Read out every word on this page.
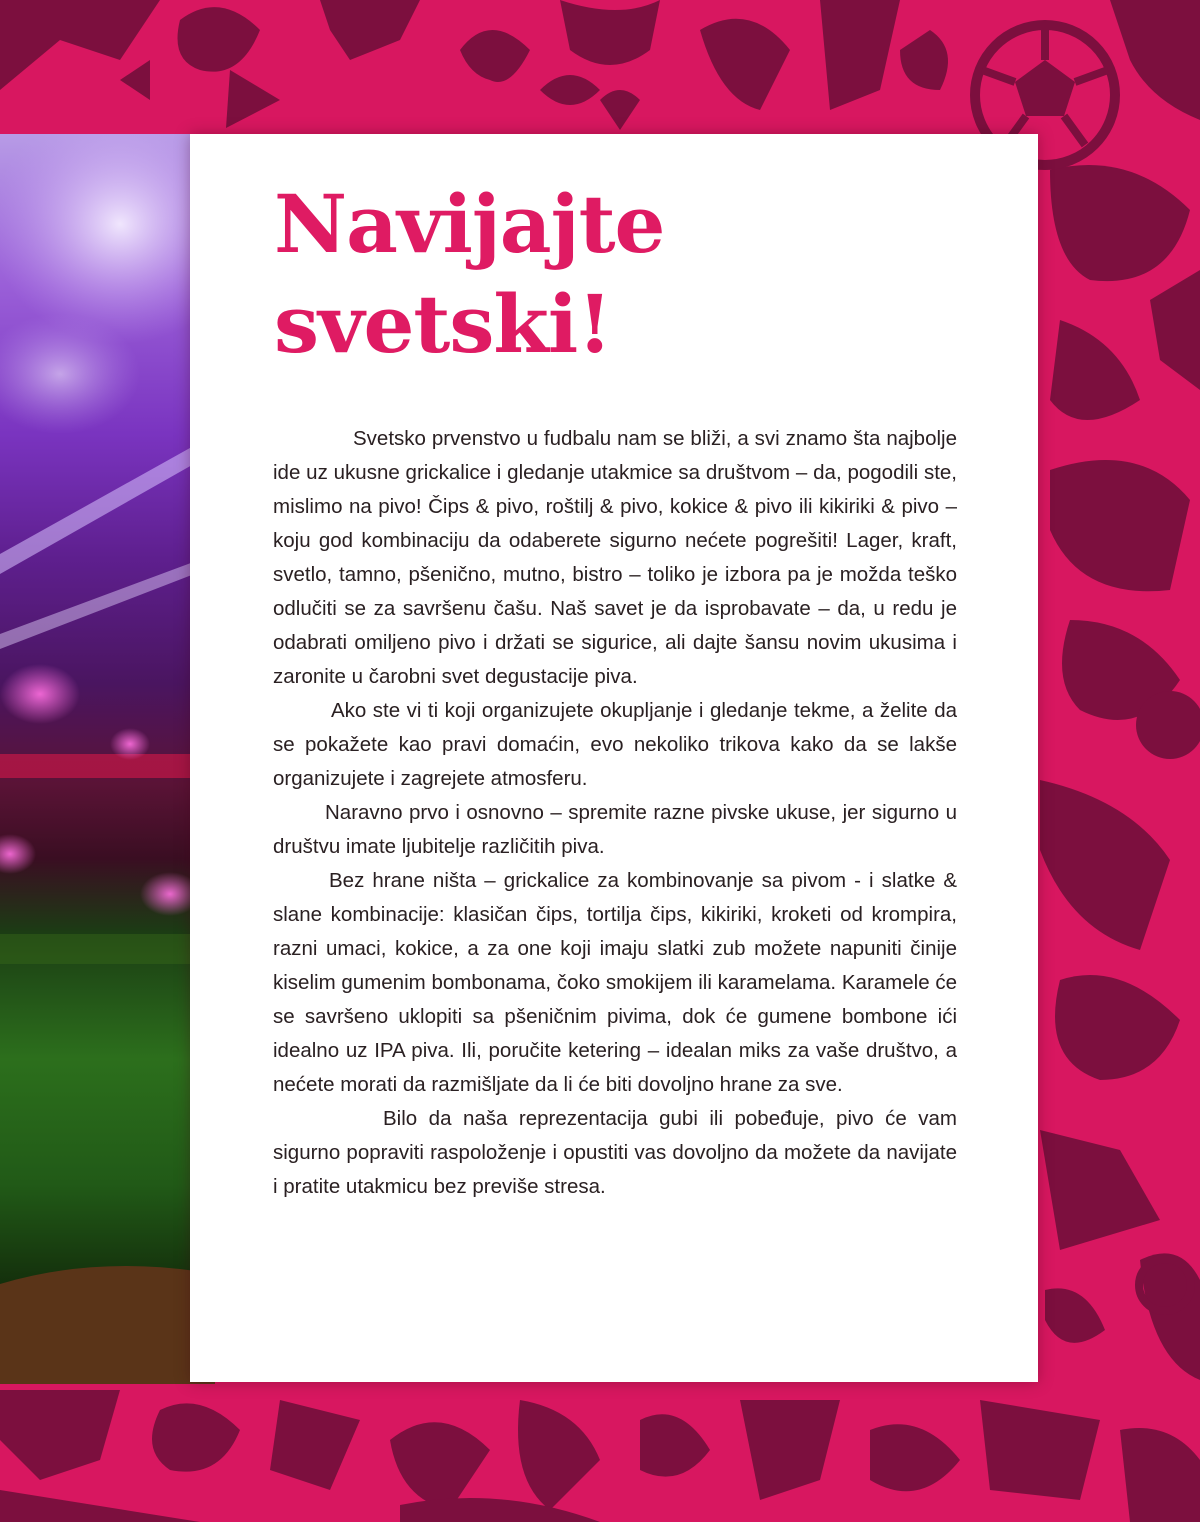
Navijajte
svetski!

Svetsko prvenstvo u fudbalu nam se bliži, a svi znamo šta najbolje ide uz ukusne grickalice i gledanje utakmice sa društvom – da, pogodili ste, mislimo na pivo! Čips & pivo, roštilj & pivo, kokice & pivo ili kikiriki & pivo – koju god kombinaciju da odaberete sigurno nećete pogrešiti! Lager, kraft, svetlo, tamno, pšenično, mutno, bistro – toliko je izbora pa je možda teško odlučiti se za savršenu čašu. Naš savet je da isprobavate – da, u redu je odabrati omiljeno pivo i držati se sigurice, ali dajte šansu novim ukusima i zaronite u čarobni svet degustacije piva.

Ako ste vi ti koji organizujete okupljanje i gledanje tekme, a želite da se pokažete kao pravi domaćin, evo nekoliko trikova kako da se lakše organizujete i zagrejete atmosferu.

Naravno prvo i osnovno – spremite razne pivske ukuse, jer sigurno u društvu imate ljubitelje različitih piva.

Bez hrane ništa – grickalice za kombinovanje sa pivom - i slatke & slane kombinacije: klasičan čips, tortilja čips, kikiriki, kroketi od krompira, razni umaci, kokice, a za one koji imaju slatki zub možete napuniti činije kiselim gumenim bombonama, čoko smokijem ili karamelama. Karamele će se savršeno uklopiti sa pšeničnim pivima, dok će gumene bombone ići idealno uz IPA piva. Ili, poručite ketering – idealan miks za vaše društvo, a nećete morati da razmišljate da li će biti dovoljno hrane za sve.

Bilo da naša reprezentacija gubi ili pobeđuje, pivo će vam sigurno popraviti raspoloženje i opustiti vas dovoljno da možete da navijate i pratite utakmicu bez previše stresa.
